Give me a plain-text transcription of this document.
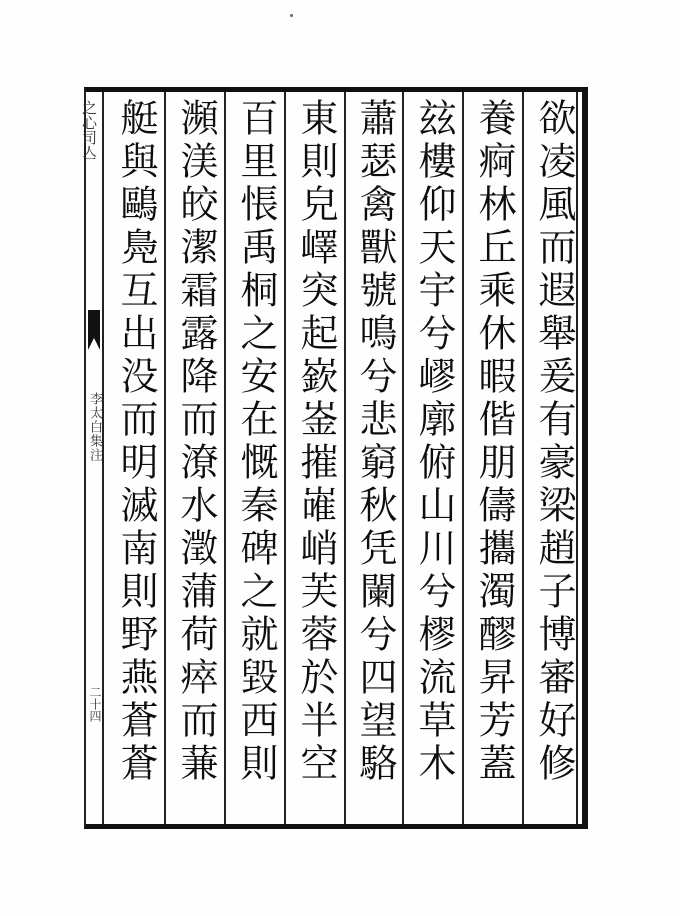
之心司亼
李太白集注
二十四
欲凌風而遐舉爰有豪梁趙子博審好修
養痾林丘乘休暇偕朋儔攜濁醪昇芳蓋
玆樓仰天宇兮嵺廓俯山川兮樛流草木
蕭瑟禽獸號鳴兮悲窮秋凭闌兮四望駱
東則皃嶧突起嶔崟摧嶉峭芙蓉於半空
百里悵禹桐之安在慨秦碑之就毀西則
瀕渼皎潔霜露降而潦水澂蒲荷瘁而蒹
艇與鷗鳧互出没而明滅南則野燕蒼蒼
